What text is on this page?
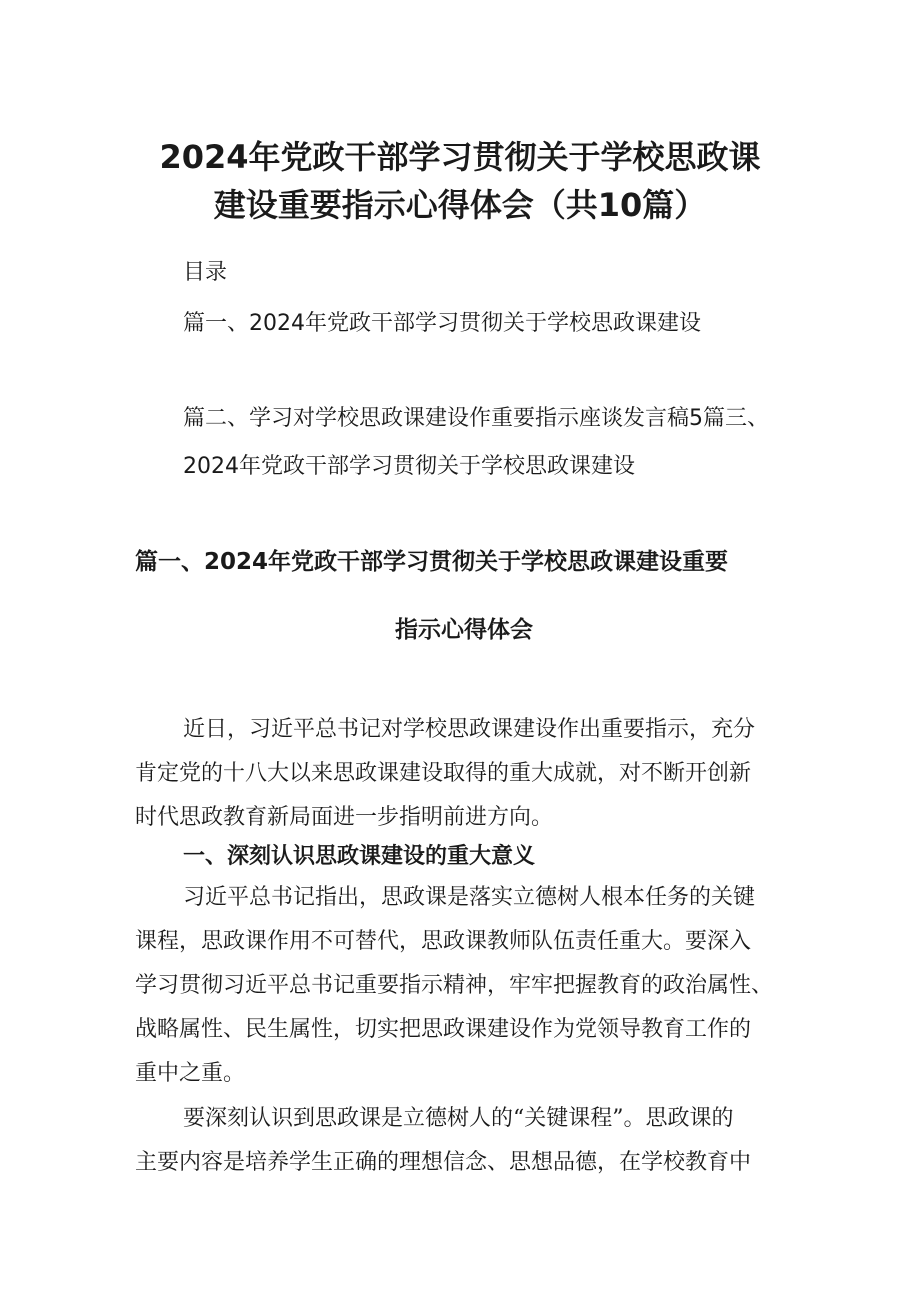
2024年党政干部学习贯彻关于学校思政课
建设重要指示心得体会（共10篇）
目录
篇一、2024年党政干部学习贯彻关于学校思政课建设
篇二、学习对学校思政课建设作重要指示座谈发言稿5篇三、
2024年党政干部学习贯彻关于学校思政课建设
篇一、2024年党政干部学习贯彻关于学校思政课建设重要
指示心得体会
近日，习近平总书记对学校思政课建设作出重要指示，充分
肯定党的十八大以来思政课建设取得的重大成就，对不断开创新
时代思政教育新局面进一步指明前进方向。
一、深刻认识思政课建设的重大意义
习近平总书记指出，思政课是落实立德树人根本任务的关键
课程，思政课作用不可替代，思政课教师队伍责任重大。要深入
学习贯彻习近平总书记重要指示精神，牢牢把握教育的政治属性、
战略属性、民生属性，切实把思政课建设作为党领导教育工作的
重中之重。
要深刻认识到思政课是立德树人的“关键课程”。思政课的
主要内容是培养学生正确的理想信念、思想品德，在学校教育中
